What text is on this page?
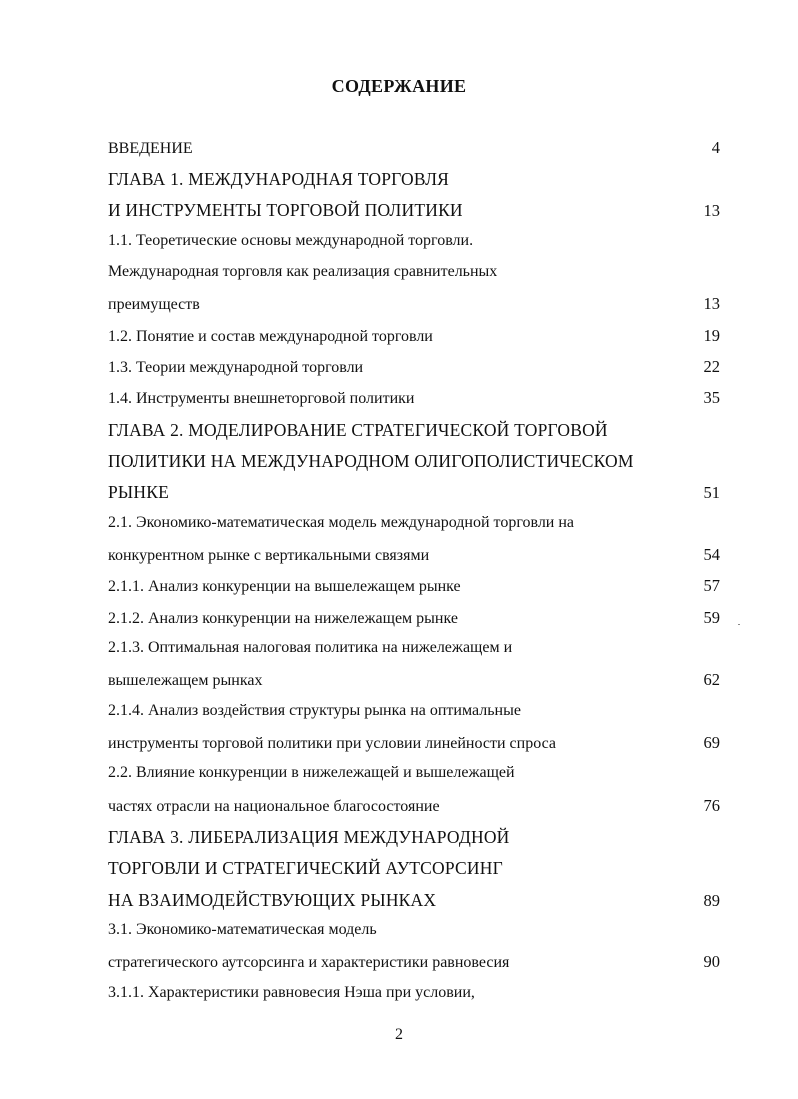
СОДЕРЖАНИЕ
ВВЕДЕНИЕ	4
ГЛАВА 1. МЕЖДУНАРОДНАЯ ТОРГОВЛЯ
И ИНСТРУМЕНТЫ ТОРГОВОЙ ПОЛИТИКИ	13
1.1. Теоретические основы международной торговли.
Международная торговля как реализация сравнительных
преимуществ	13
1.2. Понятие и состав международной торговли	19
1.3. Теории международной торговли	22
1.4. Инструменты внешнеторговой политики	35
ГЛАВА 2. МОДЕЛИРОВАНИЕ СТРАТЕГИЧЕСКОЙ ТОРГОВОЙ
ПОЛИТИКИ НА МЕЖДУНАРОДНОМ ОЛИГОПОЛИСТИЧЕСКОМ
РЫНКЕ	51
2.1. Экономико-математическая модель международной торговли на
конкурентном рынке с вертикальными связями	54
2.1.1. Анализ конкуренции на вышележащем рынке	57
2.1.2. Анализ конкуренции на нижележащем рынке	59
2.1.3. Оптимальная налоговая политика на нижележащем и
вышележащем рынках	62
2.1.4. Анализ воздействия структуры рынка на оптимальные
инструменты торговой политики при условии линейности спроса	69
2.2. Влияние конкуренции в нижележащей и вышележащей
частях отрасли на национальное благосостояние	76
ГЛАВА 3. ЛИБЕРАЛИЗАЦИЯ МЕЖДУНАРОДНОЙ
ТОРГОВЛИ И СТРАТЕГИЧЕСКИЙ АУТСОРСИНГ
НА ВЗАИМОДЕЙСТВУЮЩИХ РЫНКАХ	89
3.1. Экономико-математическая модель
стратегического аутсорсинга и характеристики равновесия	90
3.1.1. Характеристики равновесия Нэша при условии,
2
